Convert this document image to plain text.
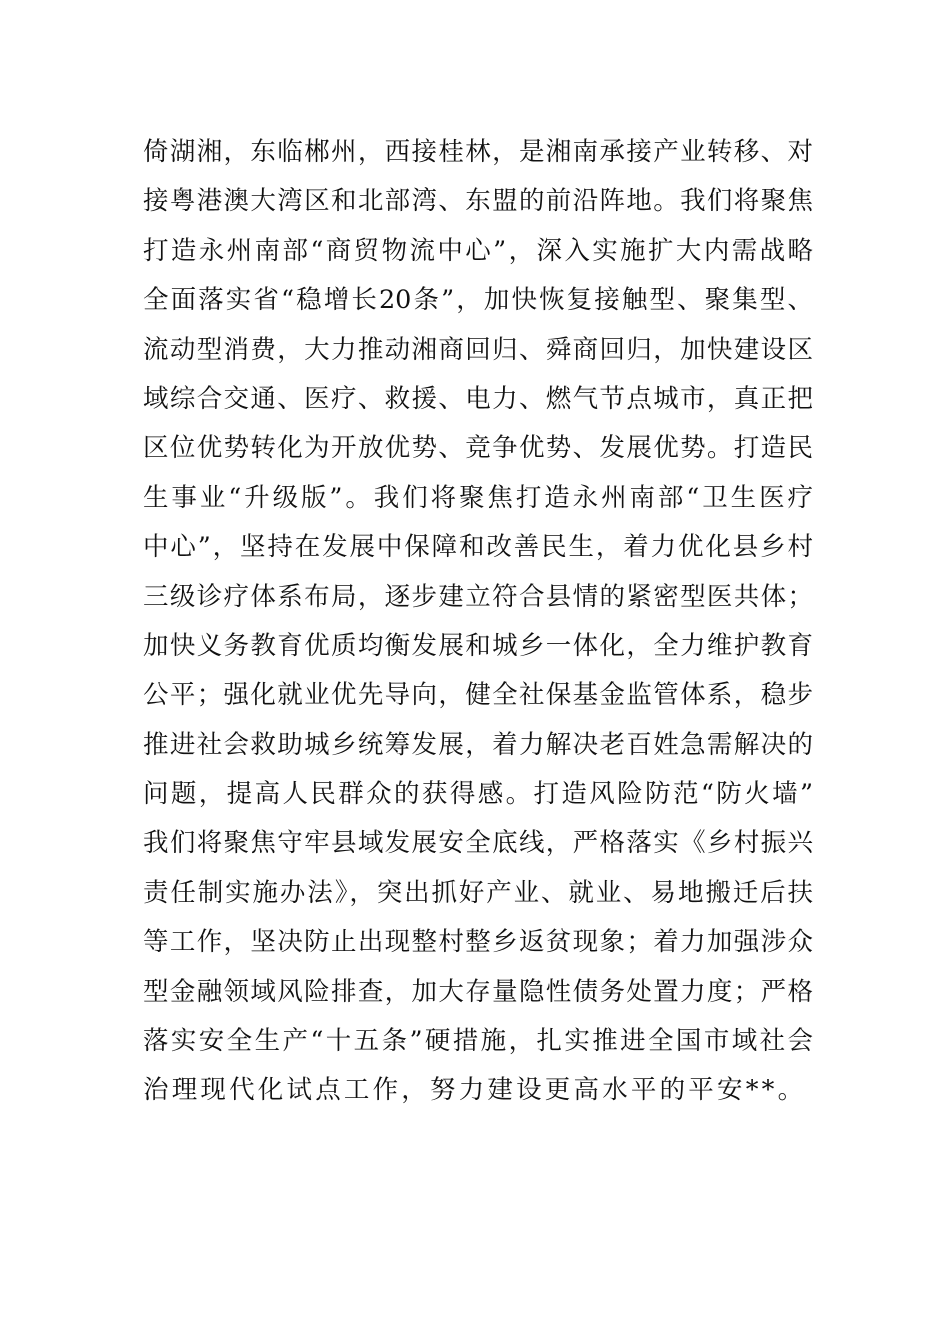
倚湖湘，东临郴州，西接桂林，是湘南承接产业转移、对
接粤港澳大湾区和北部湾、东盟的前沿阵地。我们将聚焦
打造永州南部“商贸物流中心”，深入实施扩大内需战略
全面落实省“稳增长20条”，加快恢复接触型、聚集型、
流动型消费，大力推动湘商回归、舜商回归，加快建设区
域综合交通、医疗、救援、电力、燃气节点城市，真正把
区位优势转化为开放优势、竞争优势、发展优势。打造民
生事业“升级版”。我们将聚焦打造永州南部“卫生医疗
中心”，坚持在发展中保障和改善民生，着力优化县乡村
三级诊疗体系布局，逐步建立符合县情的紧密型医共体；
加快义务教育优质均衡发展和城乡一体化，全力维护教育
公平；强化就业优先导向，健全社保基金监管体系，稳步
推进社会救助城乡统筹发展，着力解决老百姓急需解决的
问题，提高人民群众的获得感。打造风险防范“防火墙”
我们将聚焦守牢县域发展安全底线，严格落实《乡村振兴
责任制实施办法》，突出抓好产业、就业、易地搬迁后扶
等工作，坚决防止出现整村整乡返贫现象；着力加强涉众
型金融领域风险排查，加大存量隐性债务处置力度；严格
落实安全生产“十五条”硬措施，扎实推进全国市域社会
治理现代化试点工作，努力建设更高水平的平安**。
